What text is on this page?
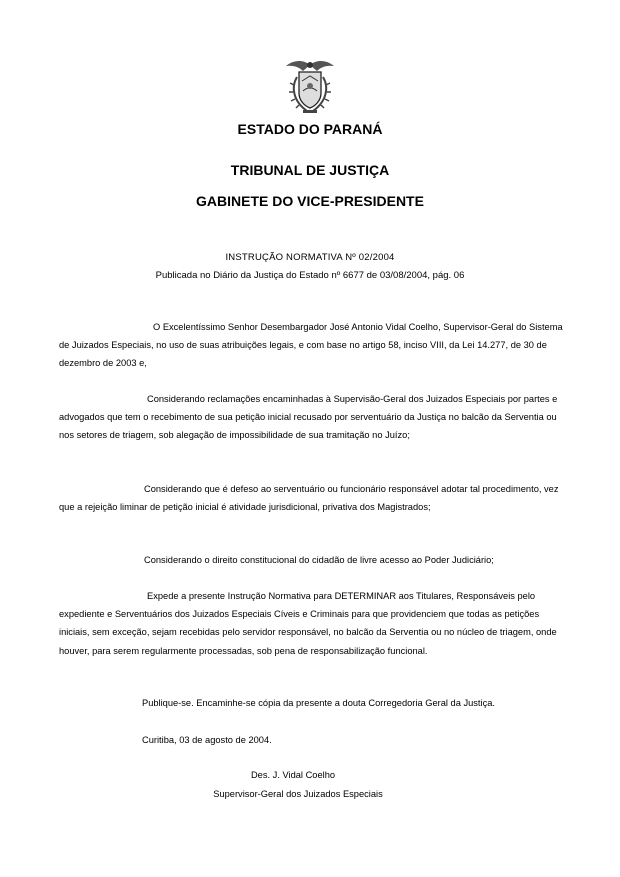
ESTADO DO PARANÁ
TRIBUNAL DE JUSTIÇA
GABINETE DO VICE-PRESIDENTE
INSTRUÇÃO NORMATIVA Nº 02/2004
Publicada no Diário da Justiça do Estado nº 6677 de 03/08/2004, pág. 06
O Excelentíssimo Senhor Desembargador José Antonio Vidal Coelho, Supervisor-Geral do Sistema de Juizados Especiais, no uso de suas atribuições legais, e com base no artigo 58, inciso VIII, da Lei 14.277, de 30 de dezembro de 2003 e,
Considerando reclamações encaminhadas à Supervisão-Geral dos Juizados Especiais por partes e advogados que tem o recebimento de sua petição inicial recusado por serventuário da Justiça no balcão da Serventia ou nos setores de triagem, sob alegação de impossibilidade de sua tramitação no Juízo;
Considerando que é defeso ao serventuário ou funcionário responsável adotar tal procedimento, vez que a rejeição liminar de petição inicial é atividade jurisdicional, privativa dos Magistrados;
Considerando o direito constitucional do cidadão de livre acesso ao Poder Judiciário;
Expede a presente Instrução Normativa para DETERMINAR aos Titulares, Responsáveis pelo expediente e Serventuários dos Juizados Especiais Cíveis e Criminais para que providenciem que todas as petições iniciais, sem exceção, sejam recebidas pelo servidor responsável, no balcão da Serventia ou no núcleo de triagem, onde houver, para serem regularmente processadas, sob pena de responsabilização funcional.
Publique-se. Encaminhe-se cópia da presente a douta Corregedoria Geral da Justiça.
Curitiba, 03 de agosto de 2004.
Des. J. Vidal Coelho
Supervisor-Geral dos Juizados Especiais
